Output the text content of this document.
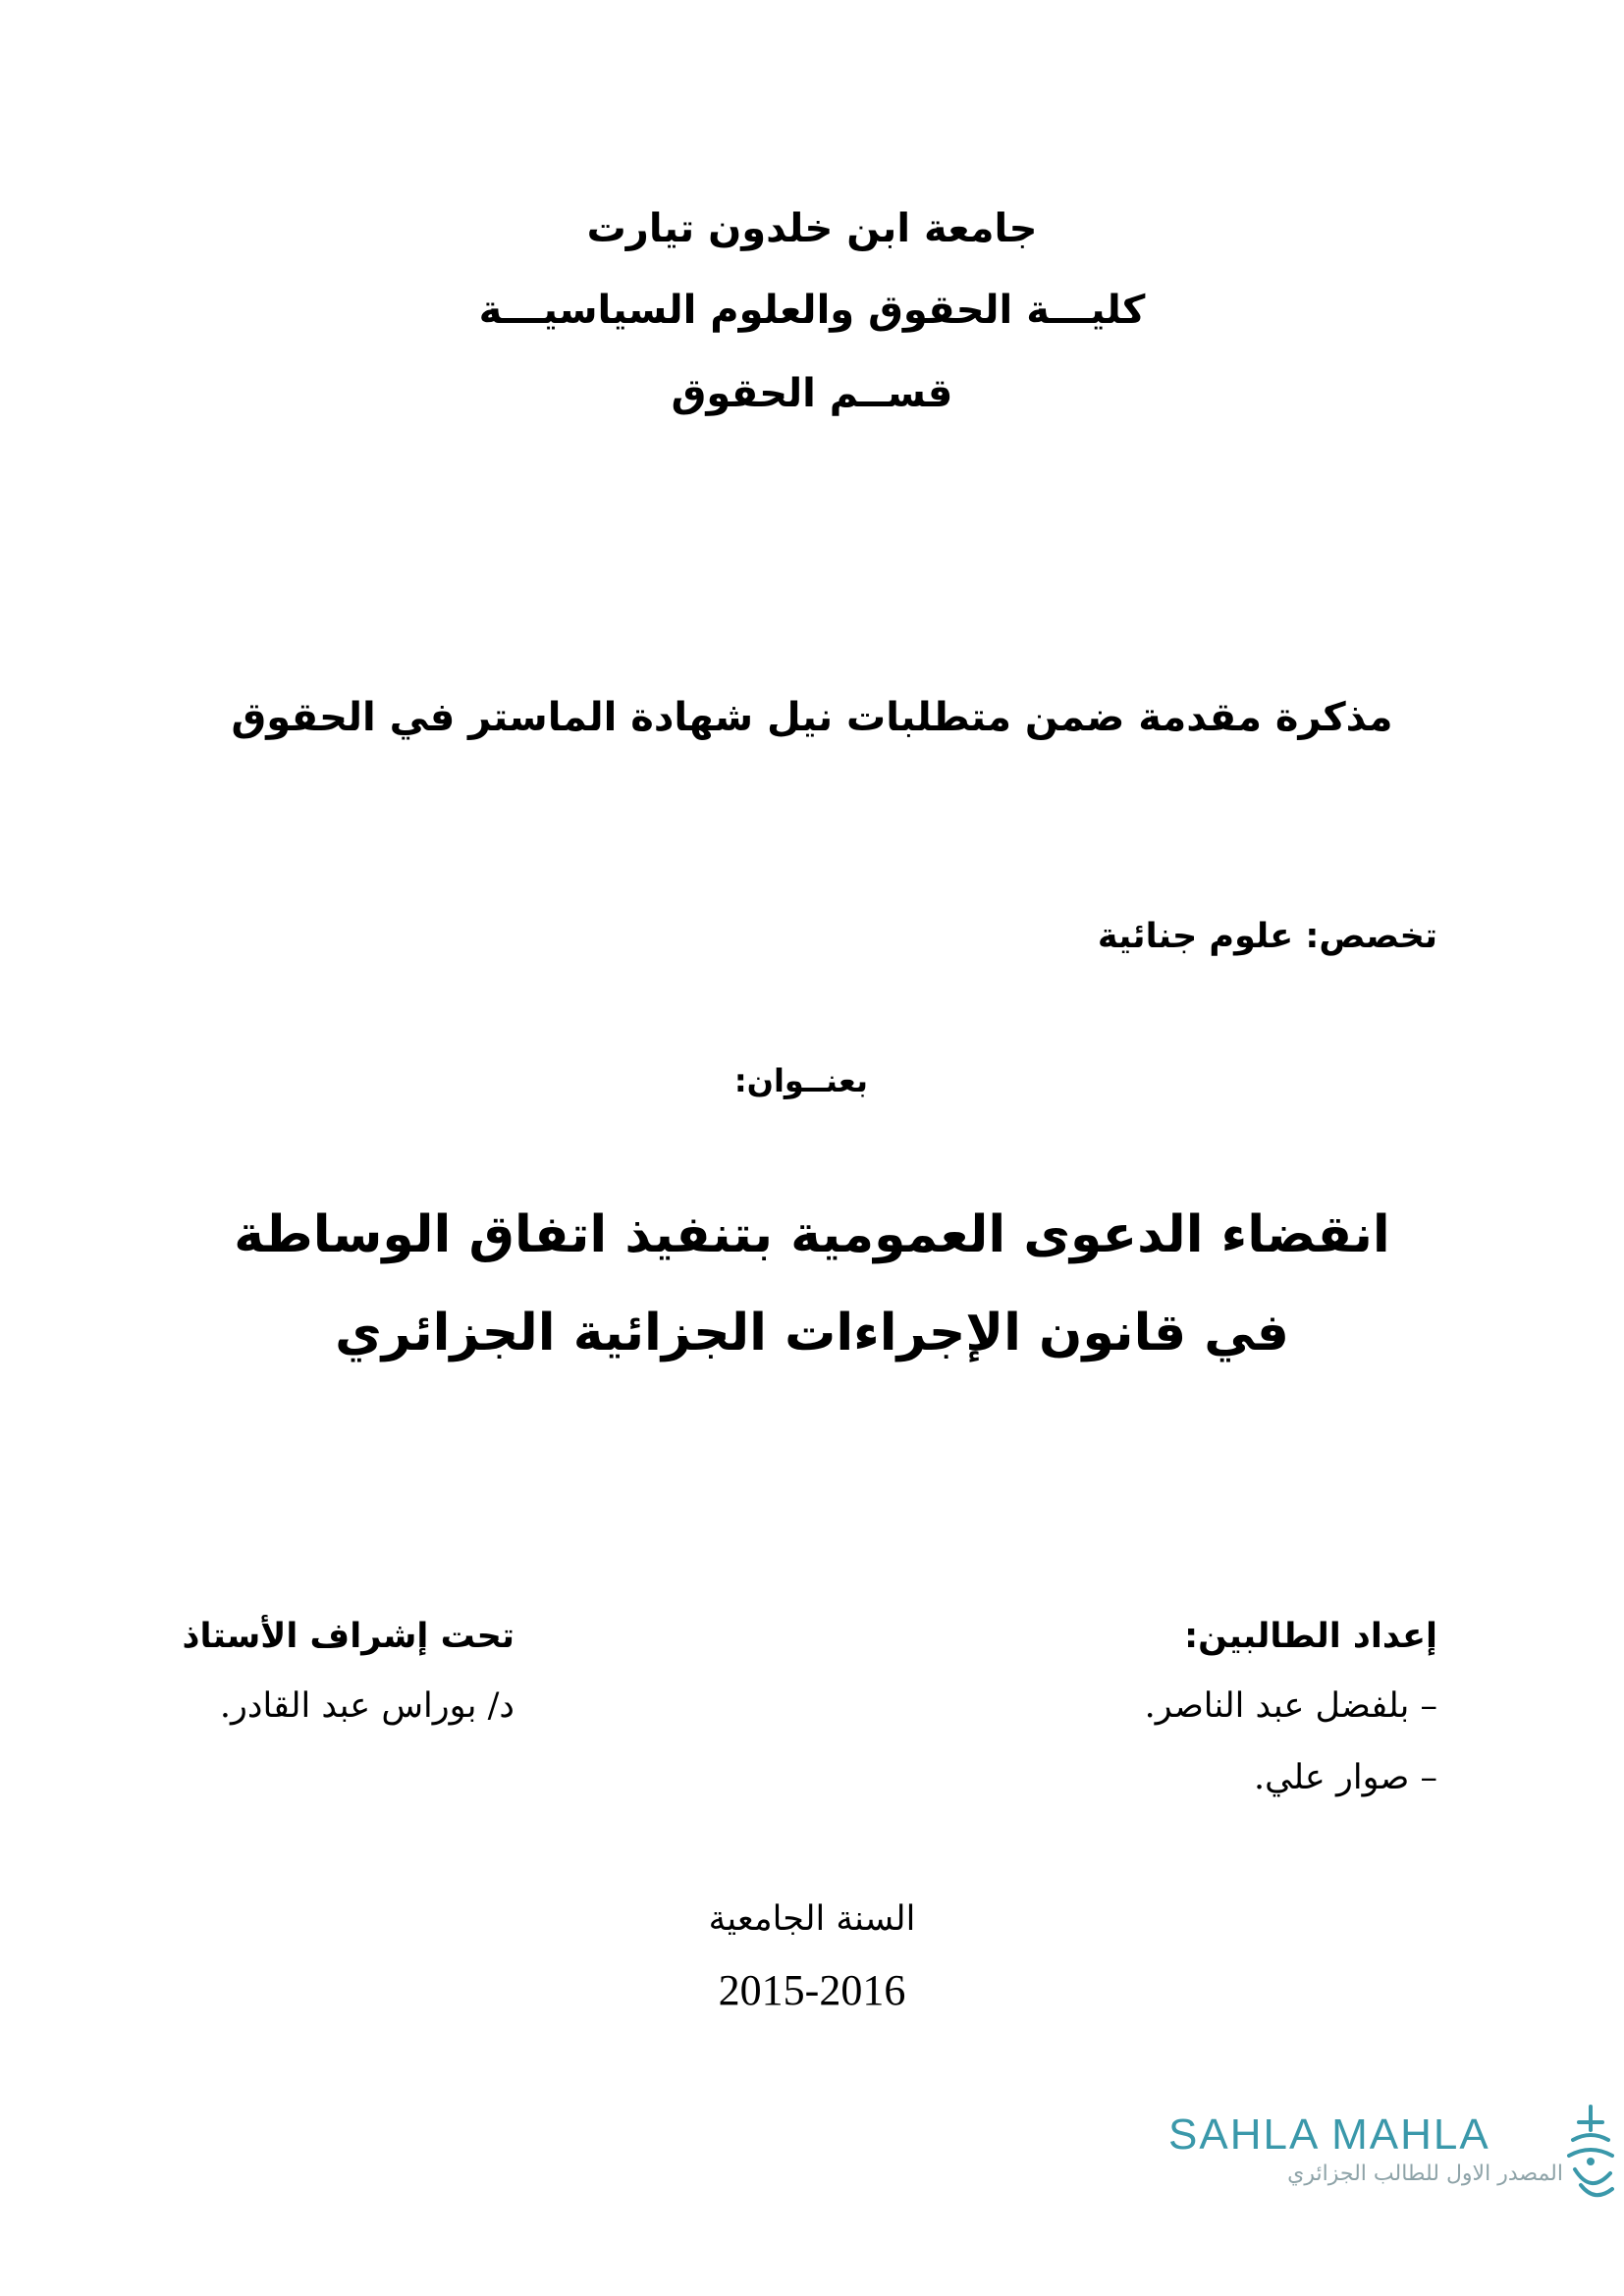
جامعة ابن خلدون تيارت
كليـــة الحقوق والعلوم السياسيـــة
قســم الحقوق
مذكرة مقدمة ضمن متطلبات نيل شهادة الماستر في الحقوق
تخصص: علوم جنائية
بعنــوان:
انقضاء الدعوى العمومية بتنفيذ اتفاق الوساطة
في قانون الإجراءات الجزائية الجزائري
إعداد الطالبين:
– بلفضل عبد الناصر.
– صوار علي.
تحت إشراف الأستاذ
د/ بوراس عبد القادر.
السنة الجامعية
2015-2016
SAHLA MAHLA
المصدر الاول للطالب الجزائري
